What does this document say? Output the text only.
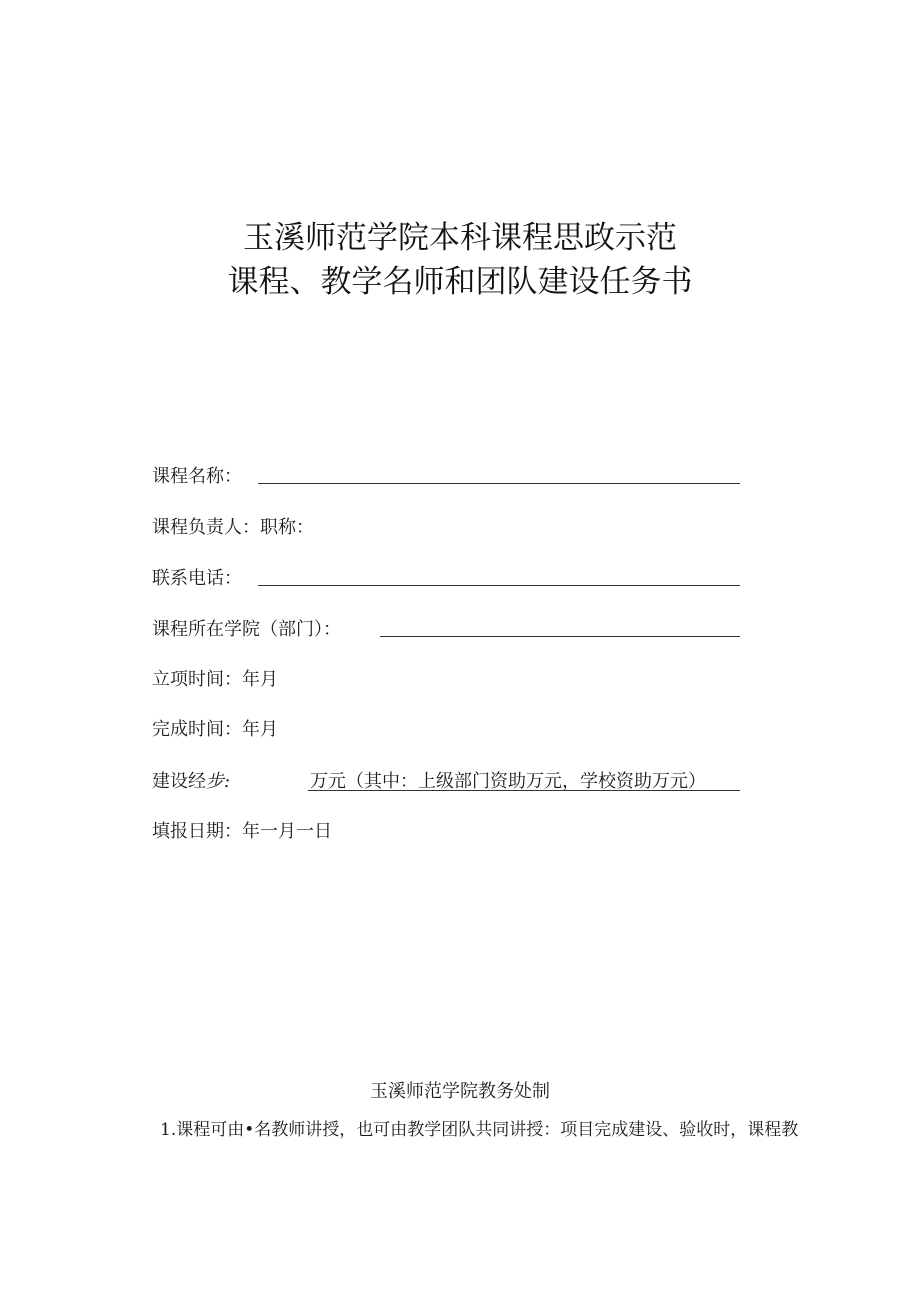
玉溪师范学院本科课程思政示范
课程、教学名师和团队建设任务书
课程名称：
课程负责人：职称：
联系电话：
课程所在学院（部门）：
立项时间：年月
完成时间：年月
建设经步:	万元（其中：上级部门资助万元，学校资助万元）
填报日期：年一月一日
玉溪师范学院教务处制
1.课程可由•名教师讲授，也可由教学团队共同讲授：项目完成建设、验收时，课程教
